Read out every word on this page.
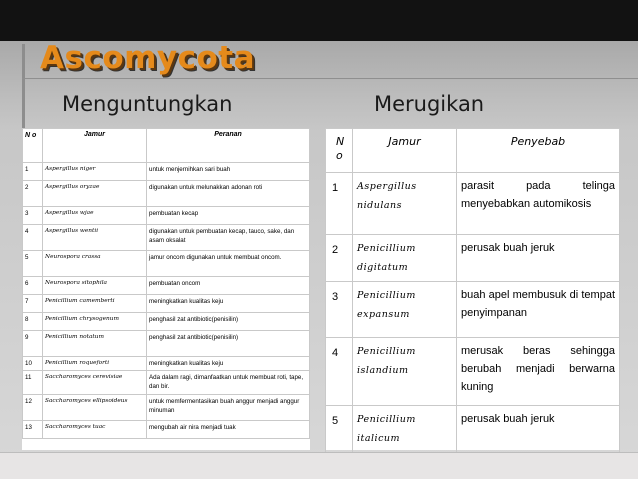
Ascomycota
Menguntungkan	Merugikan
N o	Jamur	Peranan
1	Aspergillus niger	untuk menjernihkan sari buah
2	Aspergillus oryzae	digunakan untuk melunakkan adonan roti
3	Aspergillus wjae	pembuatan kecap
4	Aspergillus wentii	digunakan untuk pembuatan kecap, tauco, sake, dan asam oksalat
5	Neurospora crassa	jamur oncom digunakan untuk membuat oncom.
6	Neurospora sitophila	pembuatan oncom
7	Penicillium camemberti	meningkatkan kualitas keju
8	Penicillium chrysogenum	penghasil zat antibiotic(penisilin)
9	Penicillium notatum	penghasil zat antibiotic(penisilin)
10	Penicillium roqueforti	meningkatkan kualitas keju
11	Saccharomyces cerevisiae	Ada dalam ragi, dimanfaatkan untuk membuat roti, tape, dan bir.
12	Saccharomyces ellipsoideus	untuk memfermentasikan buah anggur menjadi anggur minuman
13	Saccharomyces tuac	mengubah air nira menjadi tuak
N o	Jamur	Penyebab
1	Aspergillus nidulans	parasit pada telinga menyebabkan automikosis
2	Penicillium digitatum	perusak buah jeruk
3	Penicillium expansum	buah apel membusuk di tempat penyimpanan
4	Penicillium islandium	merusak beras sehingga berubah menjadi berwarna kuning
5	Penicillium italicum	perusak buah jeruk
